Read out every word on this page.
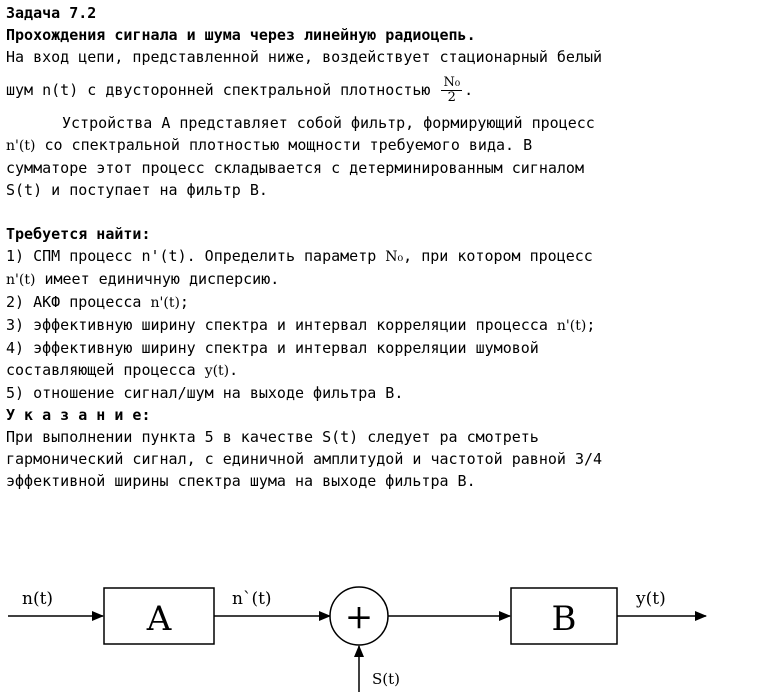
Задача 7.2
Прохождения сигнала и шума через линейную радиоцепь.
На вход цепи, представленной ниже, воздействует стационарный белый
шум n(t) с двусторонней спектральной плотностью $\frac{\text{N₀}}{2}$ .
Устройства А представляет собой фильтр, формирующий процесс
n'(t) со спектральной плотностью мощности требуемого вида. В
сумматоре этот процесс складывается с детерминированным сигналом
S(t) и поступает на фильтр B.
Требуется найти:
1) СПМ процесс n'(t). Определить параметр N₀, при котором процесс
n'(t) имеет единичную дисперсию.
2) АКФ процесса n'(t);
3) эффективную ширину спектра и интервал корреляции процесса n'(t);
4) эффективную ширину спектра и интервал корреляции шумовой
составляющей процесса y(t).
5) отношение сигнал/шум на выходе фильтра B.
У к а з а н и е:
При выполнении пункта 5 в качестве S(t) следует ра смотреть
гармонический сигнал, с единичной амплитудой и частотой равной 3/4
эффективной ширины спектра шума на выходе фильтра B.
n(t)	A	n`(t) +
S(t)
B	y(t)
